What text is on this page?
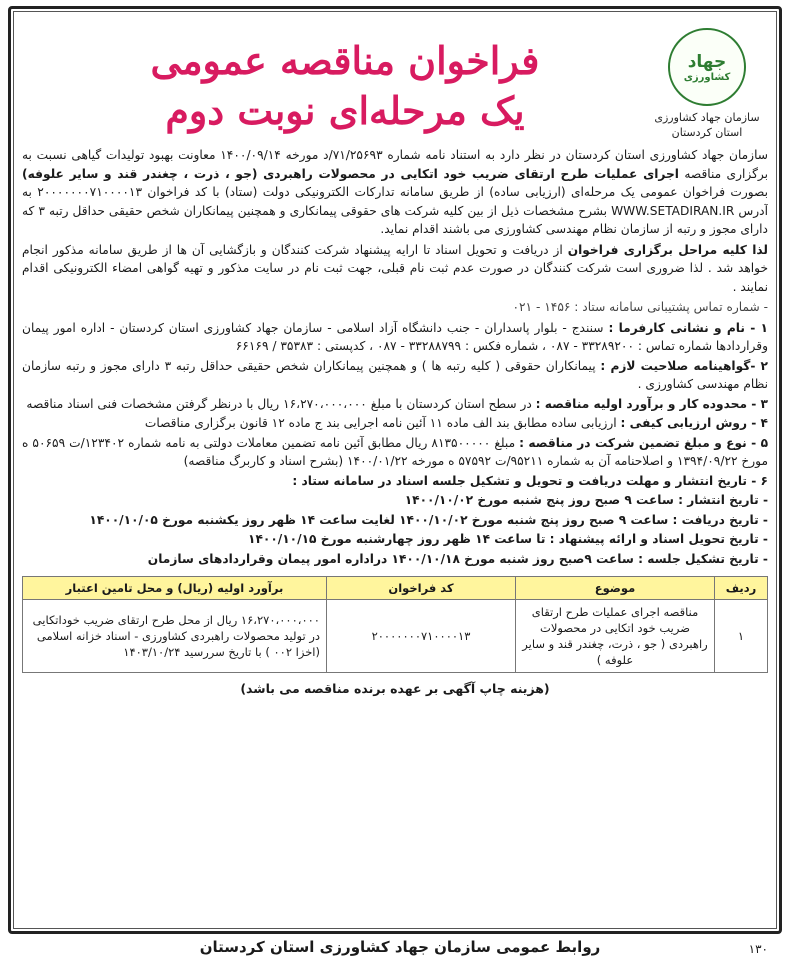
جهاد
کشاورزی
سازمان جهاد کشاورزی
استان کردستان
فراخوان مناقصه عمومی
یک مرحله‌ای نوبت دوم

سازمان جهاد کشاورزی استان کردستان در نظر دارد به استناد نامه شماره ۷۱/۲۵۶۹۳/د مورخه ۱۴۰۰/۰۹/۱۴ معاونت بهبود تولیدات گیاهی نسبت به برگزاری مناقصه اجرای عملیات طرح ارتقای ضریب خود اتکایی در محصولات راهبردی (جو ، ذرت ، چغندر قند و سایر علوفه) بصورت فراخوان عمومی یک مرحله‌ای (ارزیابی ساده) از طریق سامانه تدارکات الکترونیکی دولت (ستاد) با کد فراخوان ۲۰۰۰۰۰۰۰۷۱۰۰۰۰۱۳ به آدرس WWW.SETADIRAN.IR بشرح مشخصات ذیل از بین کلیه شرکت های حقوقی پیمانکاری و همچنین پیمانکاران شخص حقیقی حداقل رتبه ۳ که دارای مجوز و رتبه از سازمان نظام مهندسی کشاورزی می باشند اقدام نماید.

لذا کلیه مراحل برگزاری فراخوان از دریافت و تحویل اسناد تا ارایه پیشنهاد شرکت کنندگان و بازگشایی آن ها از طریق سامانه مذکور انجام خواهد شد . لذا ضروری است شرکت کنندگان در صورت عدم ثبت نام قبلی، جهت ثبت نام در سایت مذکور و تهیه گواهی امضاء الکترونیکی اقدام نمایند .

- شماره تماس پشتیبانی سامانه ستاد : ۱۴۵۶ - ۰۲۱

۱ - نام و نشانی کارفرما : سنندج - بلوار پاسداران - جنب دانشگاه آزاد اسلامی - سازمان جهاد کشاورزی استان کردستان - اداره امور پیمان وقراردادها شماره تماس : ۳۳۲۸۹۲۰۰ - ۰۸۷ ، شماره فکس : ۳۳۲۸۸۷۹۹ - ۰۸۷ ، کدپستی : ۳۵۳۸۳ / ۶۶۱۶۹

۲ -گواهینامه صلاحیت لازم : پیمانکاران حقوقی ( کلیه رتبه ها ) و همچنین پیمانکاران شخص حقیقی حداقل رتبه ۳ دارای مجوز و رتبه سازمان نظام مهندسی کشاورزی .

۳ - محدوده کار و برآورد اولیه مناقصه : در سطح استان کردستان با مبلغ ۱۶،۲۷۰،۰۰۰،۰۰۰ ریال با درنظر گرفتن مشخصات فنی اسناد مناقصه

۴ - روش ارزیابی کیفی : ارزیابی ساده مطابق بند الف ماده ۱۱ آئین نامه اجرایی بند ج ماده ۱۲ قانون برگزاری مناقصات

۵ - نوع و مبلغ تضمین شرکت در مناقصه : مبلغ ۸۱۳۵۰۰۰۰۰ ریال مطابق آئین نامه تضمین معاملات دولتی به نامه شماره ۱۲۳۴۰۲/ت ۵۰۶۵۹ ه مورخ ۱۳۹۴/۰۹/۲۲ و اصلاحنامه آن به شماره ۹۵۲۱۱/ت ۵۷۵۹۲ ه مورخه ۱۴۰۰/۰۱/۲۲ (بشرح اسناد و کاربرگ مناقصه)

۶ - تاریخ انتشار و مهلت دریافت و تحویل و تشکیل جلسه اسناد در سامانه ستاد :

- تاریخ انتشار : ساعت ۹ صبح روز پنج شنبه مورخ ۱۴۰۰/۱۰/۰۲

- تاریخ دریافت : ساعت ۹ صبح روز پنج شنبه مورخ ۱۴۰۰/۱۰/۰۲ لغایت ساعت ۱۴ ظهر روز یکشنبه مورخ ۱۴۰۰/۱۰/۰۵

- تاریخ تحویل اسناد و ارائه پیشنهاد : تا ساعت ۱۴ ظهر روز چهارشنبه مورخ ۱۴۰۰/۱۰/۱۵

- تاریخ تشکیل جلسه : ساعت ۹صبح روز شنبه مورخ ۱۴۰۰/۱۰/۱۸ دراداره امور پیمان وقراردادهای سازمان

ردیف	موضوع	کد فراخوان	برآورد اولیه (ریال) و محل تامین اعتبار
۱	مناقصه اجرای عملیات طرح ارتقای ضریب خود اتکایی در محصولات راهبردی ( جو ، ذرت، چغندر قند و سایر علوفه )	۲۰۰۰۰۰۰۰۷۱۰۰۰۰۱۳	۱۶،۲۷۰،۰۰۰،۰۰۰ ریال از محل طرح ارتقای ضریب خوداتکایی در تولید محصولات راهبردی کشاورزی - اسناد خزانه اسلامی (اخزا ۰۰۲ ) با تاریخ سررسید ۱۴۰۳/۱۰/۲۴
(هزینه چاپ آگهی بر عهده برنده مناقصه می باشد)
۱۳۰
روابط عمومی سازمان جهاد کشاورزی استان کردستان
